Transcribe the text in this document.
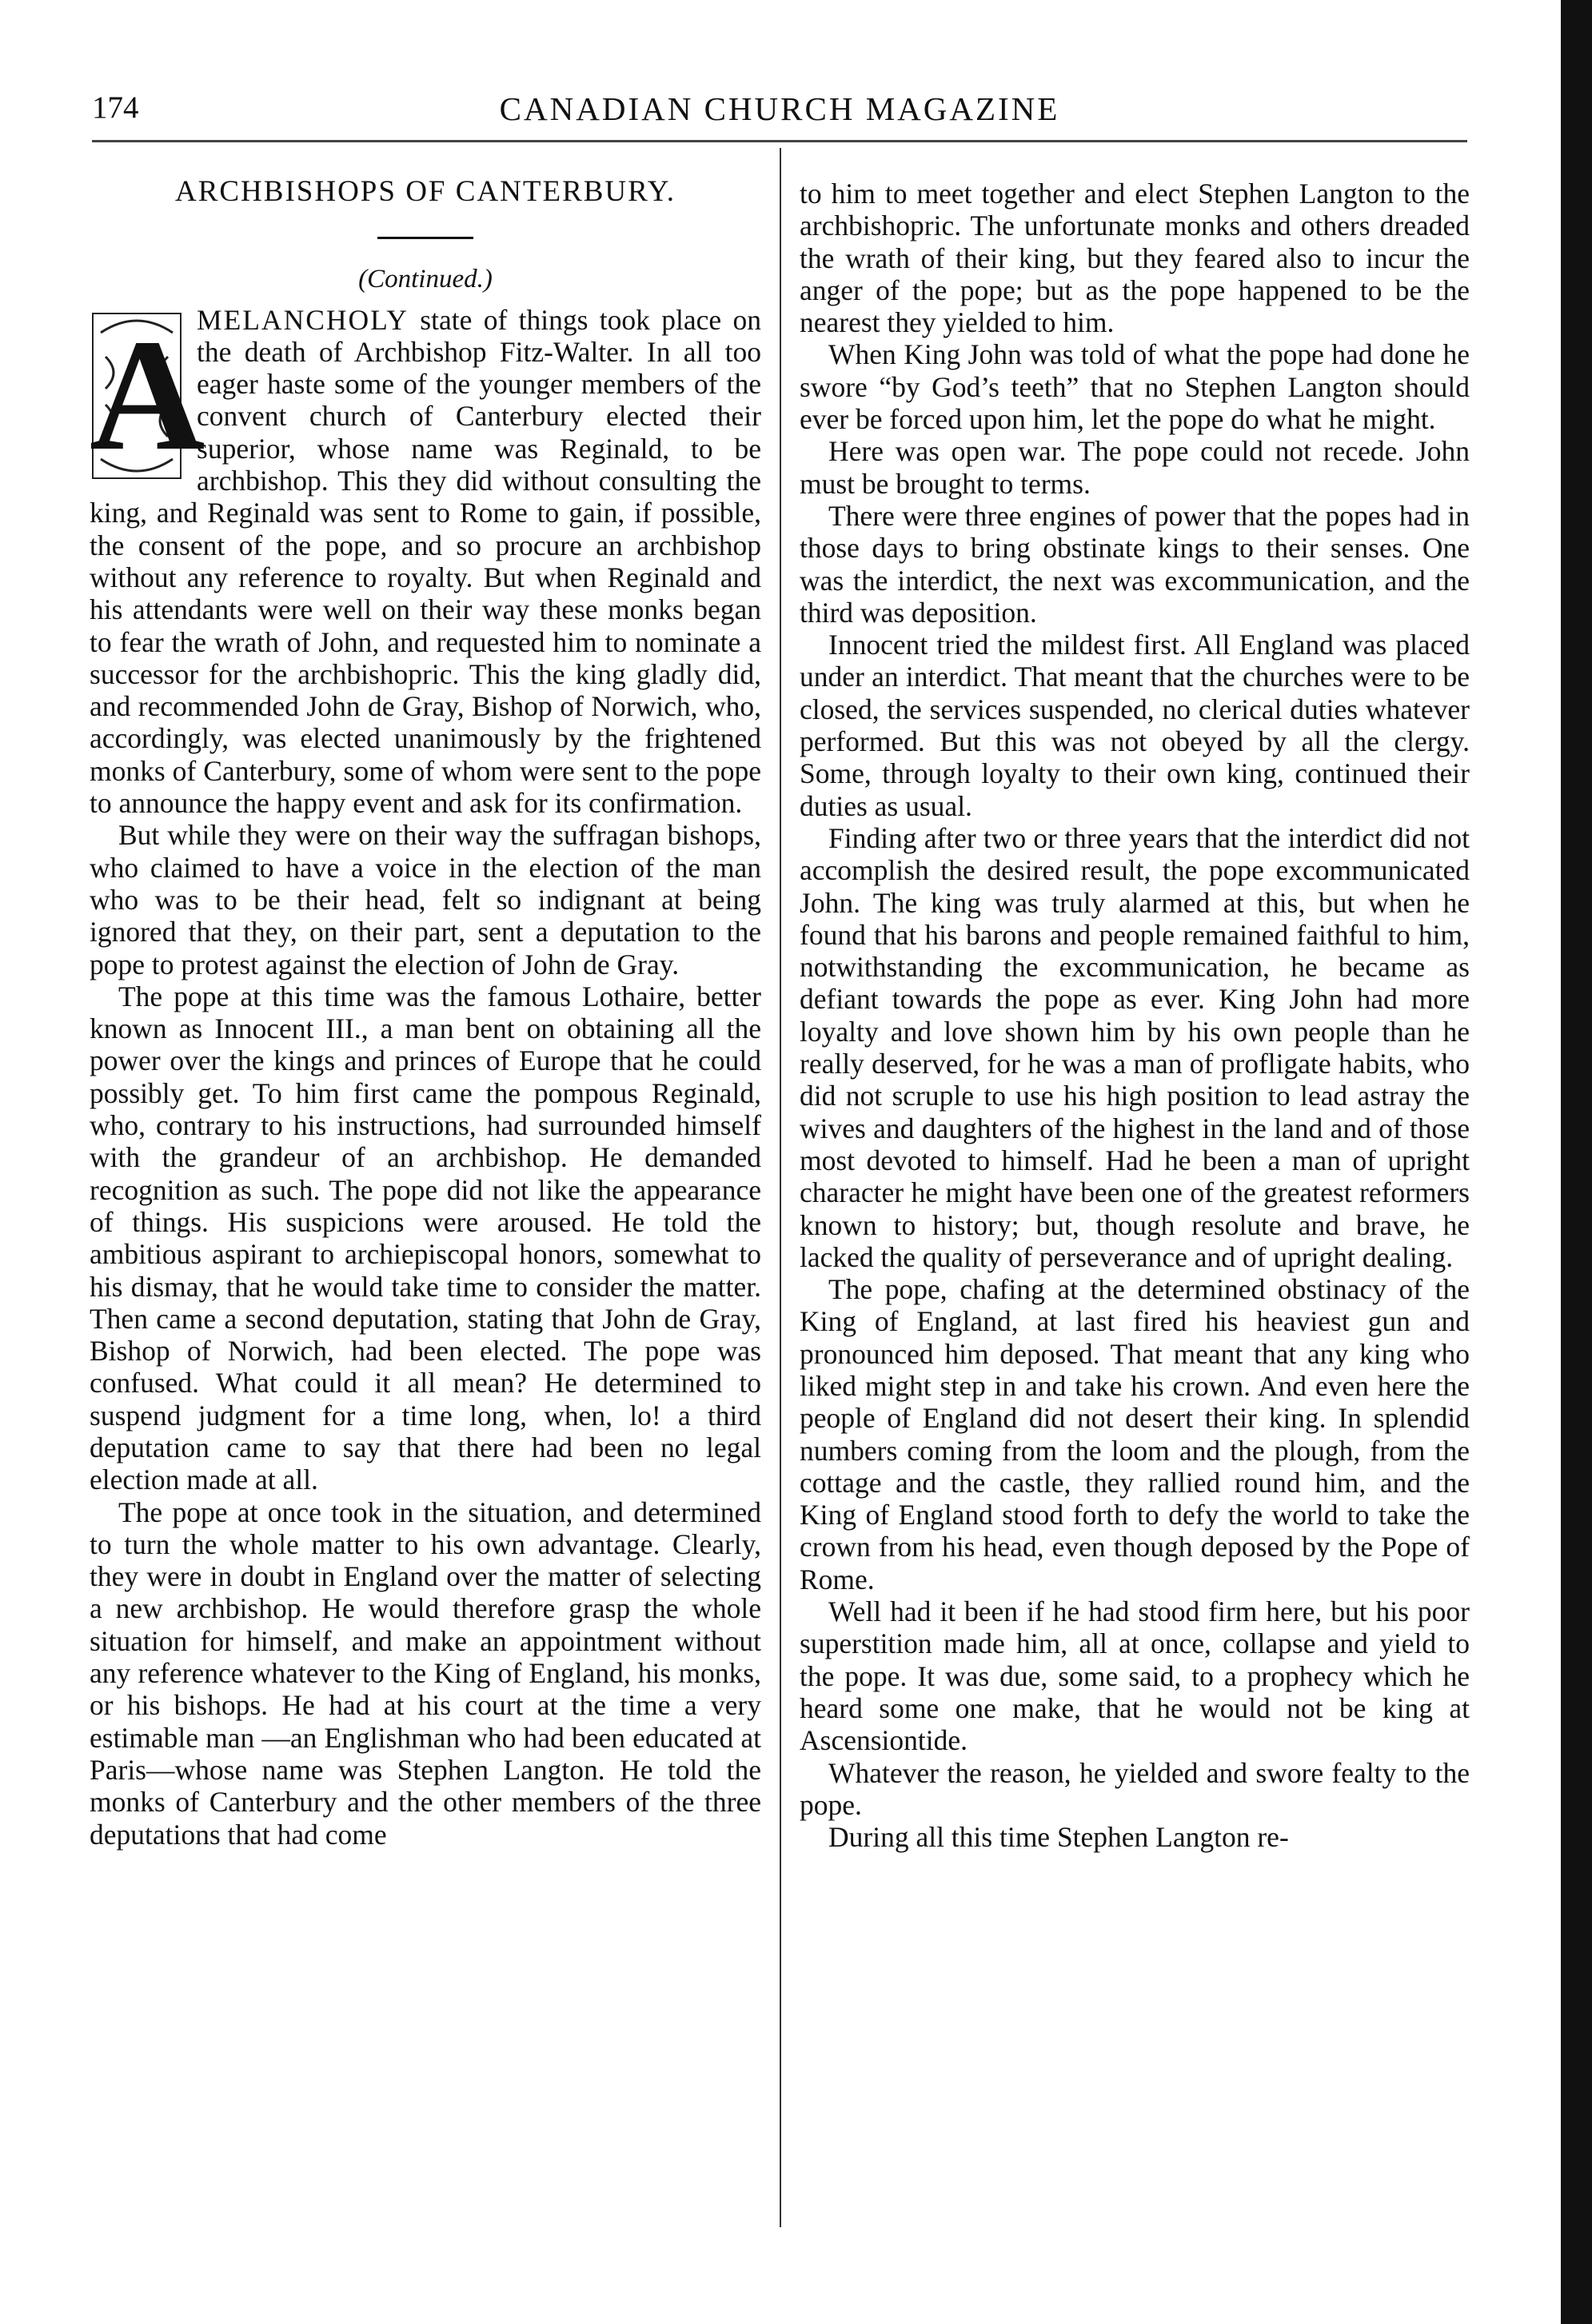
174	CANADIAN CHURCH MAGAZINE
ARCHBISHOPS OF CANTERBURY.
(Continued.)

A
MELANCHOLY state of things took place on the death of Archbishop Fitz-Walter. In all too eager haste some of the younger members of the convent church of Canterbury elected their superior, whose name was Reginald, to be archbishop. This they did without consulting the king, and Reginald was sent to Rome to gain, if possible, the consent of the pope, and so procure an archbishop without any reference to royalty. But when Reginald and his attendants were well on their way these monks began to fear the wrath of John, and requested him to nominate a successor for the archbishopric. This the king gladly did, and recommended John de Gray, Bishop of Norwich, who, accordingly, was elected unanimously by the frightened monks of Canterbury, some of whom were sent to the pope to announce the happy event and ask for its confirmation.

But while they were on their way the suffragan bishops, who claimed to have a voice in the election of the man who was to be their head, felt so indignant at being ignored that they, on their part, sent a deputation to the pope to protest against the election of John de Gray.

The pope at this time was the famous Lothaire, better known as Innocent III., a man bent on obtaining all the power over the kings and princes of Europe that he could possibly get. To him first came the pompous Reginald, who, contrary to his instructions, had surrounded himself with the grandeur of an archbishop. He demanded recognition as such. The pope did not like the appearance of things. His suspicions were aroused. He told the ambitious aspirant to archiepiscopal honors, somewhat to his dismay, that he would take time to consider the matter. Then came a second deputation, stating that John de Gray, Bishop of Norwich, had been elected. The pope was confused. What could it all mean? He determined to suspend judgment for a time long, when, lo! a third deputation came to say that there had been no legal election made at all.

The pope at once took in the situation, and determined to turn the whole matter to his own advantage. Clearly, they were in doubt in England over the matter of selecting a new archbishop. He would therefore grasp the whole situation for himself, and make an appointment without any reference whatever to the King of England, his monks, or his bishops. He had at his court at the time a very estimable man —an Englishman who had been educated at Paris—whose name was Stephen Langton. He told the monks of Canterbury and the other members of the three deputations that had come

to him to meet together and elect Stephen Langton to the archbishopric. The unfortunate monks and others dreaded the wrath of their king, but they feared also to incur the anger of the pope; but as the pope happened to be the nearest they yielded to him.

When King John was told of what the pope had done he swore “by God’s teeth” that no Stephen Langton should ever be forced upon him, let the pope do what he might.

Here was open war. The pope could not recede. John must be brought to terms.

There were three engines of power that the popes had in those days to bring obstinate kings to their senses. One was the interdict, the next was excommunication, and the third was deposition.

Innocent tried the mildest first. All England was placed under an interdict. That meant that the churches were to be closed, the services suspended, no clerical duties whatever performed. But this was not obeyed by all the clergy. Some, through loyalty to their own king, continued their duties as usual.

Finding after two or three years that the interdict did not accomplish the desired result, the pope excommunicated John. The king was truly alarmed at this, but when he found that his barons and people remained faithful to him, notwithstanding the excommunication, he became as defiant towards the pope as ever. King John had more loyalty and love shown him by his own people than he really deserved, for he was a man of profligate habits, who did not scruple to use his high position to lead astray the wives and daughters of the highest in the land and of those most devoted to himself. Had he been a man of upright character he might have been one of the greatest reformers known to history; but, though resolute and brave, he lacked the quality of perseverance and of upright dealing.

The pope, chafing at the determined obstinacy of the King of England, at last fired his heaviest gun and pronounced him deposed. That meant that any king who liked might step in and take his crown. And even here the people of England did not desert their king. In splendid numbers coming from the loom and the plough, from the cottage and the castle, they rallied round him, and the King of England stood forth to defy the world to take the crown from his head, even though deposed by the Pope of Rome.

Well had it been if he had stood firm here, but his poor superstition made him, all at once, collapse and yield to the pope. It was due, some said, to a prophecy which he heard some one make, that he would not be king at Ascensiontide.

Whatever the reason, he yielded and swore fealty to the pope.

During all this time Stephen Langton re-
